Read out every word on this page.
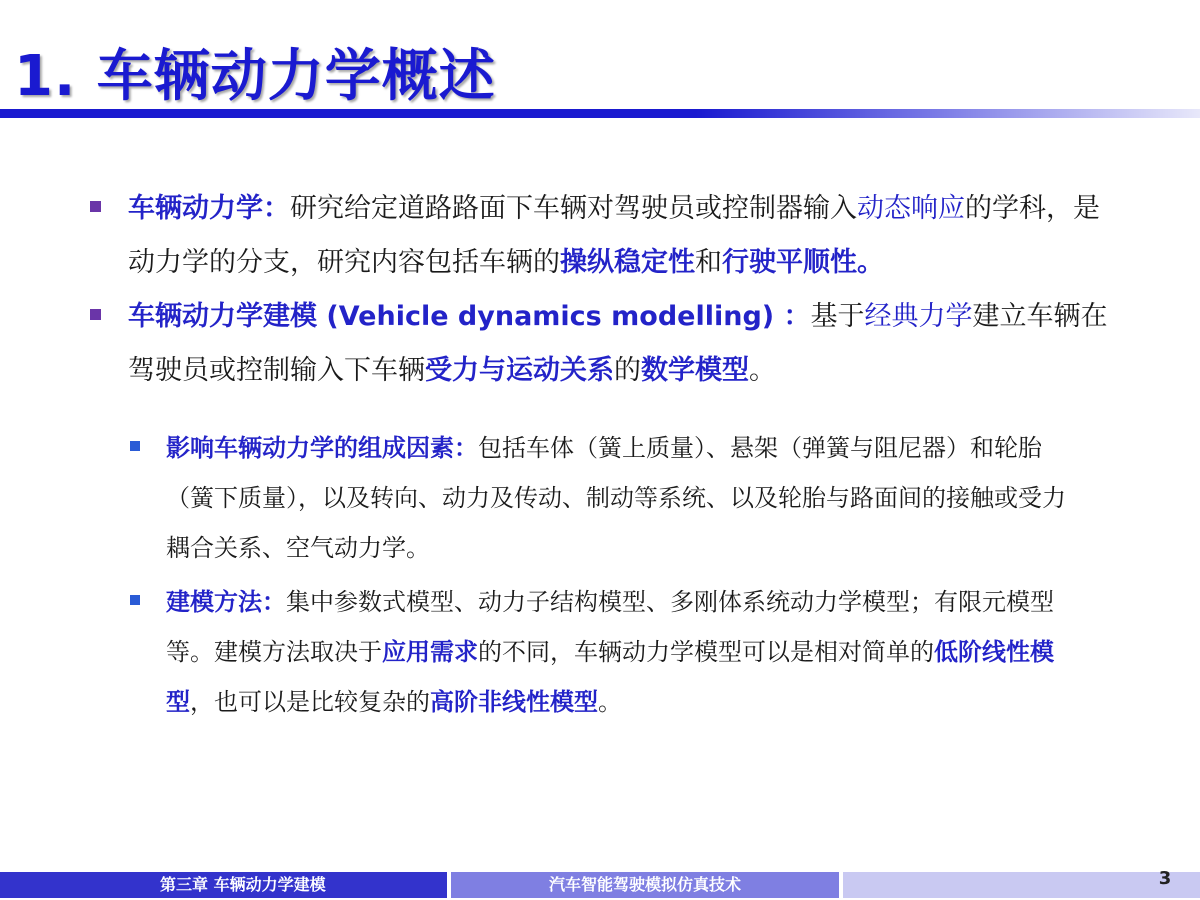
1. 车辆动力学概述
车辆动力学：研究给定道路路面下车辆对驾驶员或控制器输入动态响应的学科，是动力学的分支，研究内容包括车辆的操纵稳定性和行驶平顺性。
车辆动力学建模 (Vehicle dynamics modelling) ：基于经典力学建立车辆在驾驶员或控制输入下车辆受力与运动关系的数学模型。
影响车辆动力学的组成因素：包括车体（簧上质量）、悬架（弹簧与阻尼器）和轮胎（簧下质量），以及转向、动力及传动、制动等系统、以及轮胎与路面间的接触或受力耦合关系、空气动力学。
建模方法：集中参数式模型、动力子结构模型、多刚体系统动力学模型；有限元模型等。建模方法取决于应用需求的不同，车辆动力学模型可以是相对简单的低阶线性模型，也可以是比较复杂的高阶非线性模型。
第三章 车辆动力学建模	汽车智能驾驶模拟仿真技术	3
